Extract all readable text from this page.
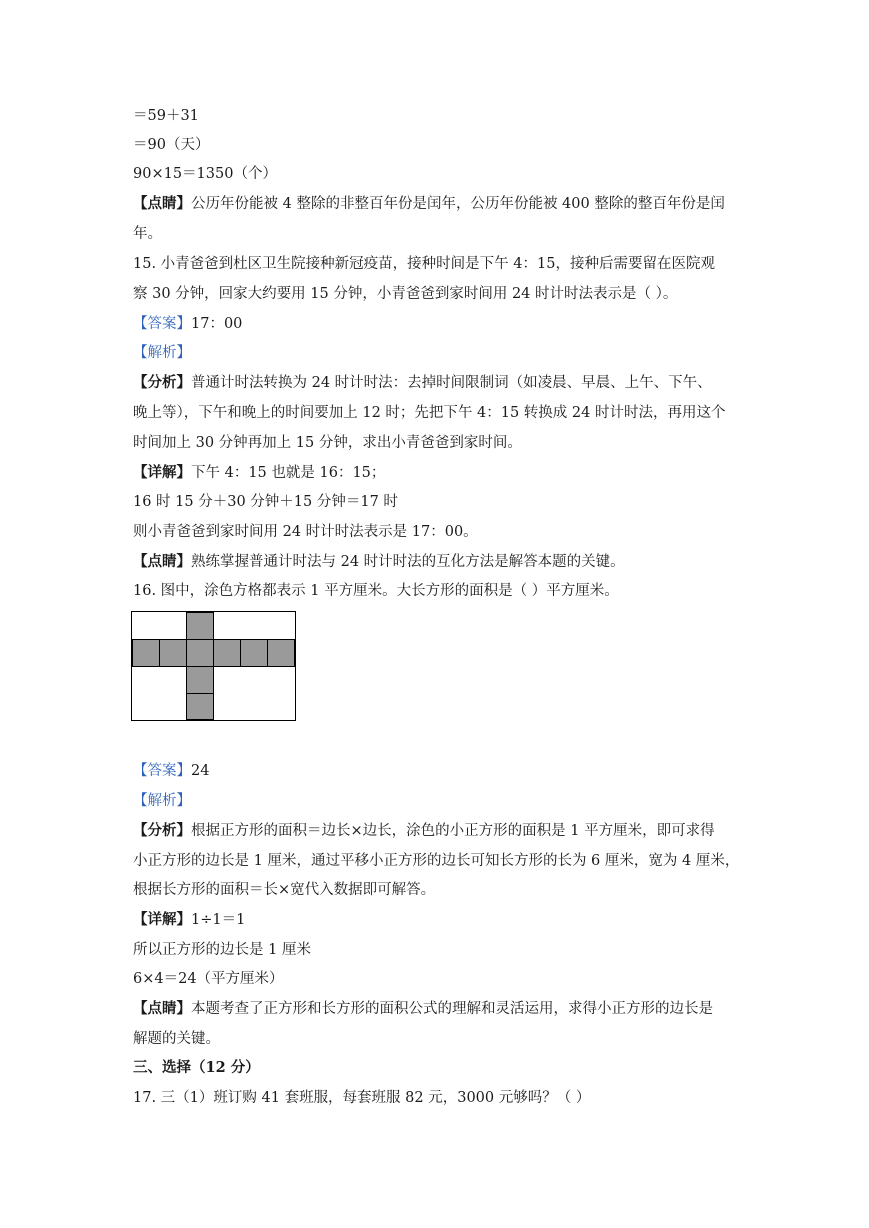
＝59＋31
＝90（天）
90×15＝1350（个）
【点睛】公历年份能被 4 整除的非整百年份是闰年，公历年份能被 400 整除的整百年份是闰
年。
15. 小青爸爸到杜区卫生院接种新冠疫苗，接种时间是下午 4：15，接种后需要留在医院观
察 30 分钟，回家大约要用 15 分钟，小青爸爸到家时间用 24 时计时法表示是（ ）。
【答案】17：00
【解析】
【分析】普通计时法转换为 24 时计时法：去掉时间限制词（如凌晨、早晨、上午、下午、
晚上等），下午和晚上的时间要加上 12 时；先把下午 4：15 转换成 24 时计时法，再用这个
时间加上 30 分钟再加上 15 分钟，求出小青爸爸到家时间。
【详解】下午 4：15 也就是 16：15；
16 时 15 分＋30 分钟＋15 分钟＝17 时
则小青爸爸到家时间用 24 时计时法表示是 17：00。
【点睛】熟练掌握普通计时法与 24 时计时法的互化方法是解答本题的关键。
16. 图中，涂色方格都表示 1 平方厘米。大长方形的面积是（ ）平方厘米。
【答案】24
【解析】
【分析】根据正方形的面积＝边长×边长，涂色的小正方形的面积是 1 平方厘米，即可求得
小正方形的边长是 1 厘米，通过平移小正方形的边长可知长方形的长为 6 厘米，宽为 4 厘米，
根据长方形的面积＝长×宽代入数据即可解答。
【详解】1÷1＝1
所以正方形的边长是 1 厘米
6×4＝24（平方厘米）
【点睛】本题考查了正方形和长方形的面积公式的理解和灵活运用，求得小正方形的边长是
解题的关键。
三、选择（12 分）
17. 三（1）班订购 41 套班服，每套班服 82 元，3000 元够吗？（ ）
